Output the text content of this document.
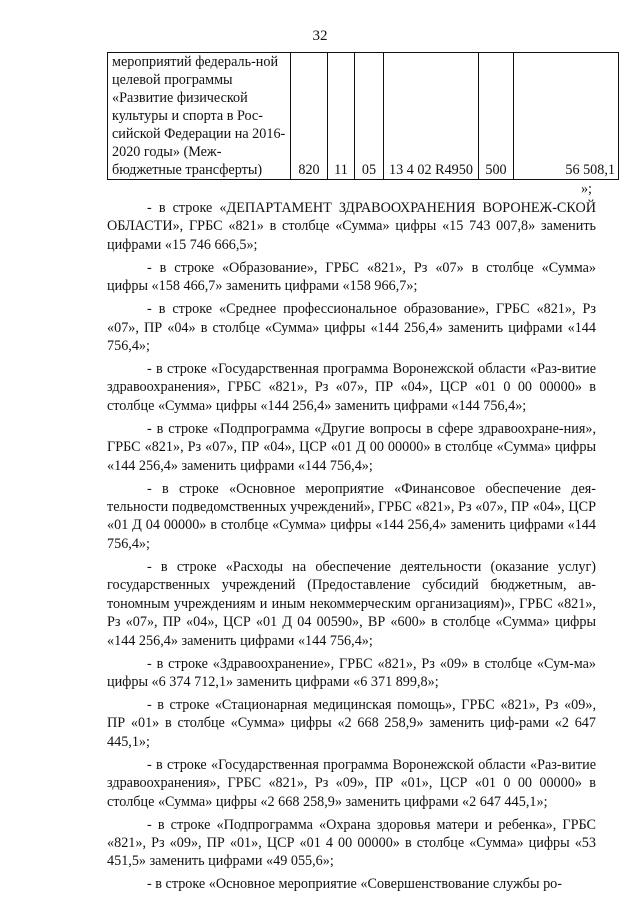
32
мероприятий федераль-ной целевой программы «Развитие физической культуры и спорта в Рос-сийской Федерации на 2016-2020 годы» (Меж-бюджетные трансферты)	820	11	05	13 4 02 R4950	500	56 508,1
»;

- в строке «ДЕПАРТАМЕНТ ЗДРАВООХРАНЕНИЯ ВОРОНЕЖ-СКОЙ ОБЛАСТИ», ГРБС «821» в столбце «Сумма» цифры «15 743 007,8» заменить цифрами «15 746 666,5»;

- в строке «Образование», ГРБС «821», Рз «07» в столбце «Сумма» цифры «158 466,7» заменить цифрами «158 966,7»;

- в строке «Среднее профессиональное образование», ГРБС «821», Рз «07», ПР «04» в столбце «Сумма» цифры «144 256,4» заменить цифрами «144 756,4»;

- в строке «Государственная программа Воронежской области «Раз-витие здравоохранения», ГРБС «821», Рз «07», ПР «04», ЦСР «01 0 00 00000» в столбце «Сумма» цифры «144 256,4» заменить цифрами «144 756,4»;

- в строке «Подпрограмма «Другие вопросы в сфере здравоохране-ния», ГРБС «821», Рз «07», ПР «04», ЦСР «01 Д 00 00000» в столбце «Сумма» цифры «144 256,4» заменить цифрами «144 756,4»;

- в строке «Основное мероприятие «Финансовое обеспечение дея-тельности подведомственных учреждений», ГРБС «821», Рз «07», ПР «04», ЦСР «01 Д 04 00000» в столбце «Сумма» цифры «144 256,4» заменить цифрами «144 756,4»;

- в строке «Расходы на обеспечение деятельности (оказание услуг) государственных учреждений (Предоставление субсидий бюджетным, ав-тономным учреждениям и иным некоммерческим организациям)», ГРБС «821», Рз «07», ПР «04», ЦСР «01 Д 04 00590», ВР «600» в столбце «Сумма» цифры «144 256,4» заменить цифрами «144 756,4»;

- в строке «Здравоохранение», ГРБС «821», Рз «09» в столбце «Сум-ма» цифры «6 374 712,1» заменить цифрами «6 371 899,8»;

- в строке «Стационарная медицинская помощь», ГРБС «821», Рз «09», ПР «01» в столбце «Сумма» цифры «2 668 258,9» заменить циф-рами «2 647 445,1»;

- в строке «Государственная программа Воронежской области «Раз-витие здравоохранения», ГРБС «821», Рз «09», ПР «01», ЦСР «01 0 00 00000» в столбце «Сумма» цифры «2 668 258,9» заменить цифрами «2 647 445,1»;

- в строке «Подпрограмма «Охрана здоровья матери и ребенка», ГРБС «821», Рз «09», ПР «01», ЦСР «01 4 00 00000» в столбце «Сумма» цифры «53 451,5» заменить цифрами «49 055,6»;

- в строке «Основное мероприятие «Совершенствование службы ро-
